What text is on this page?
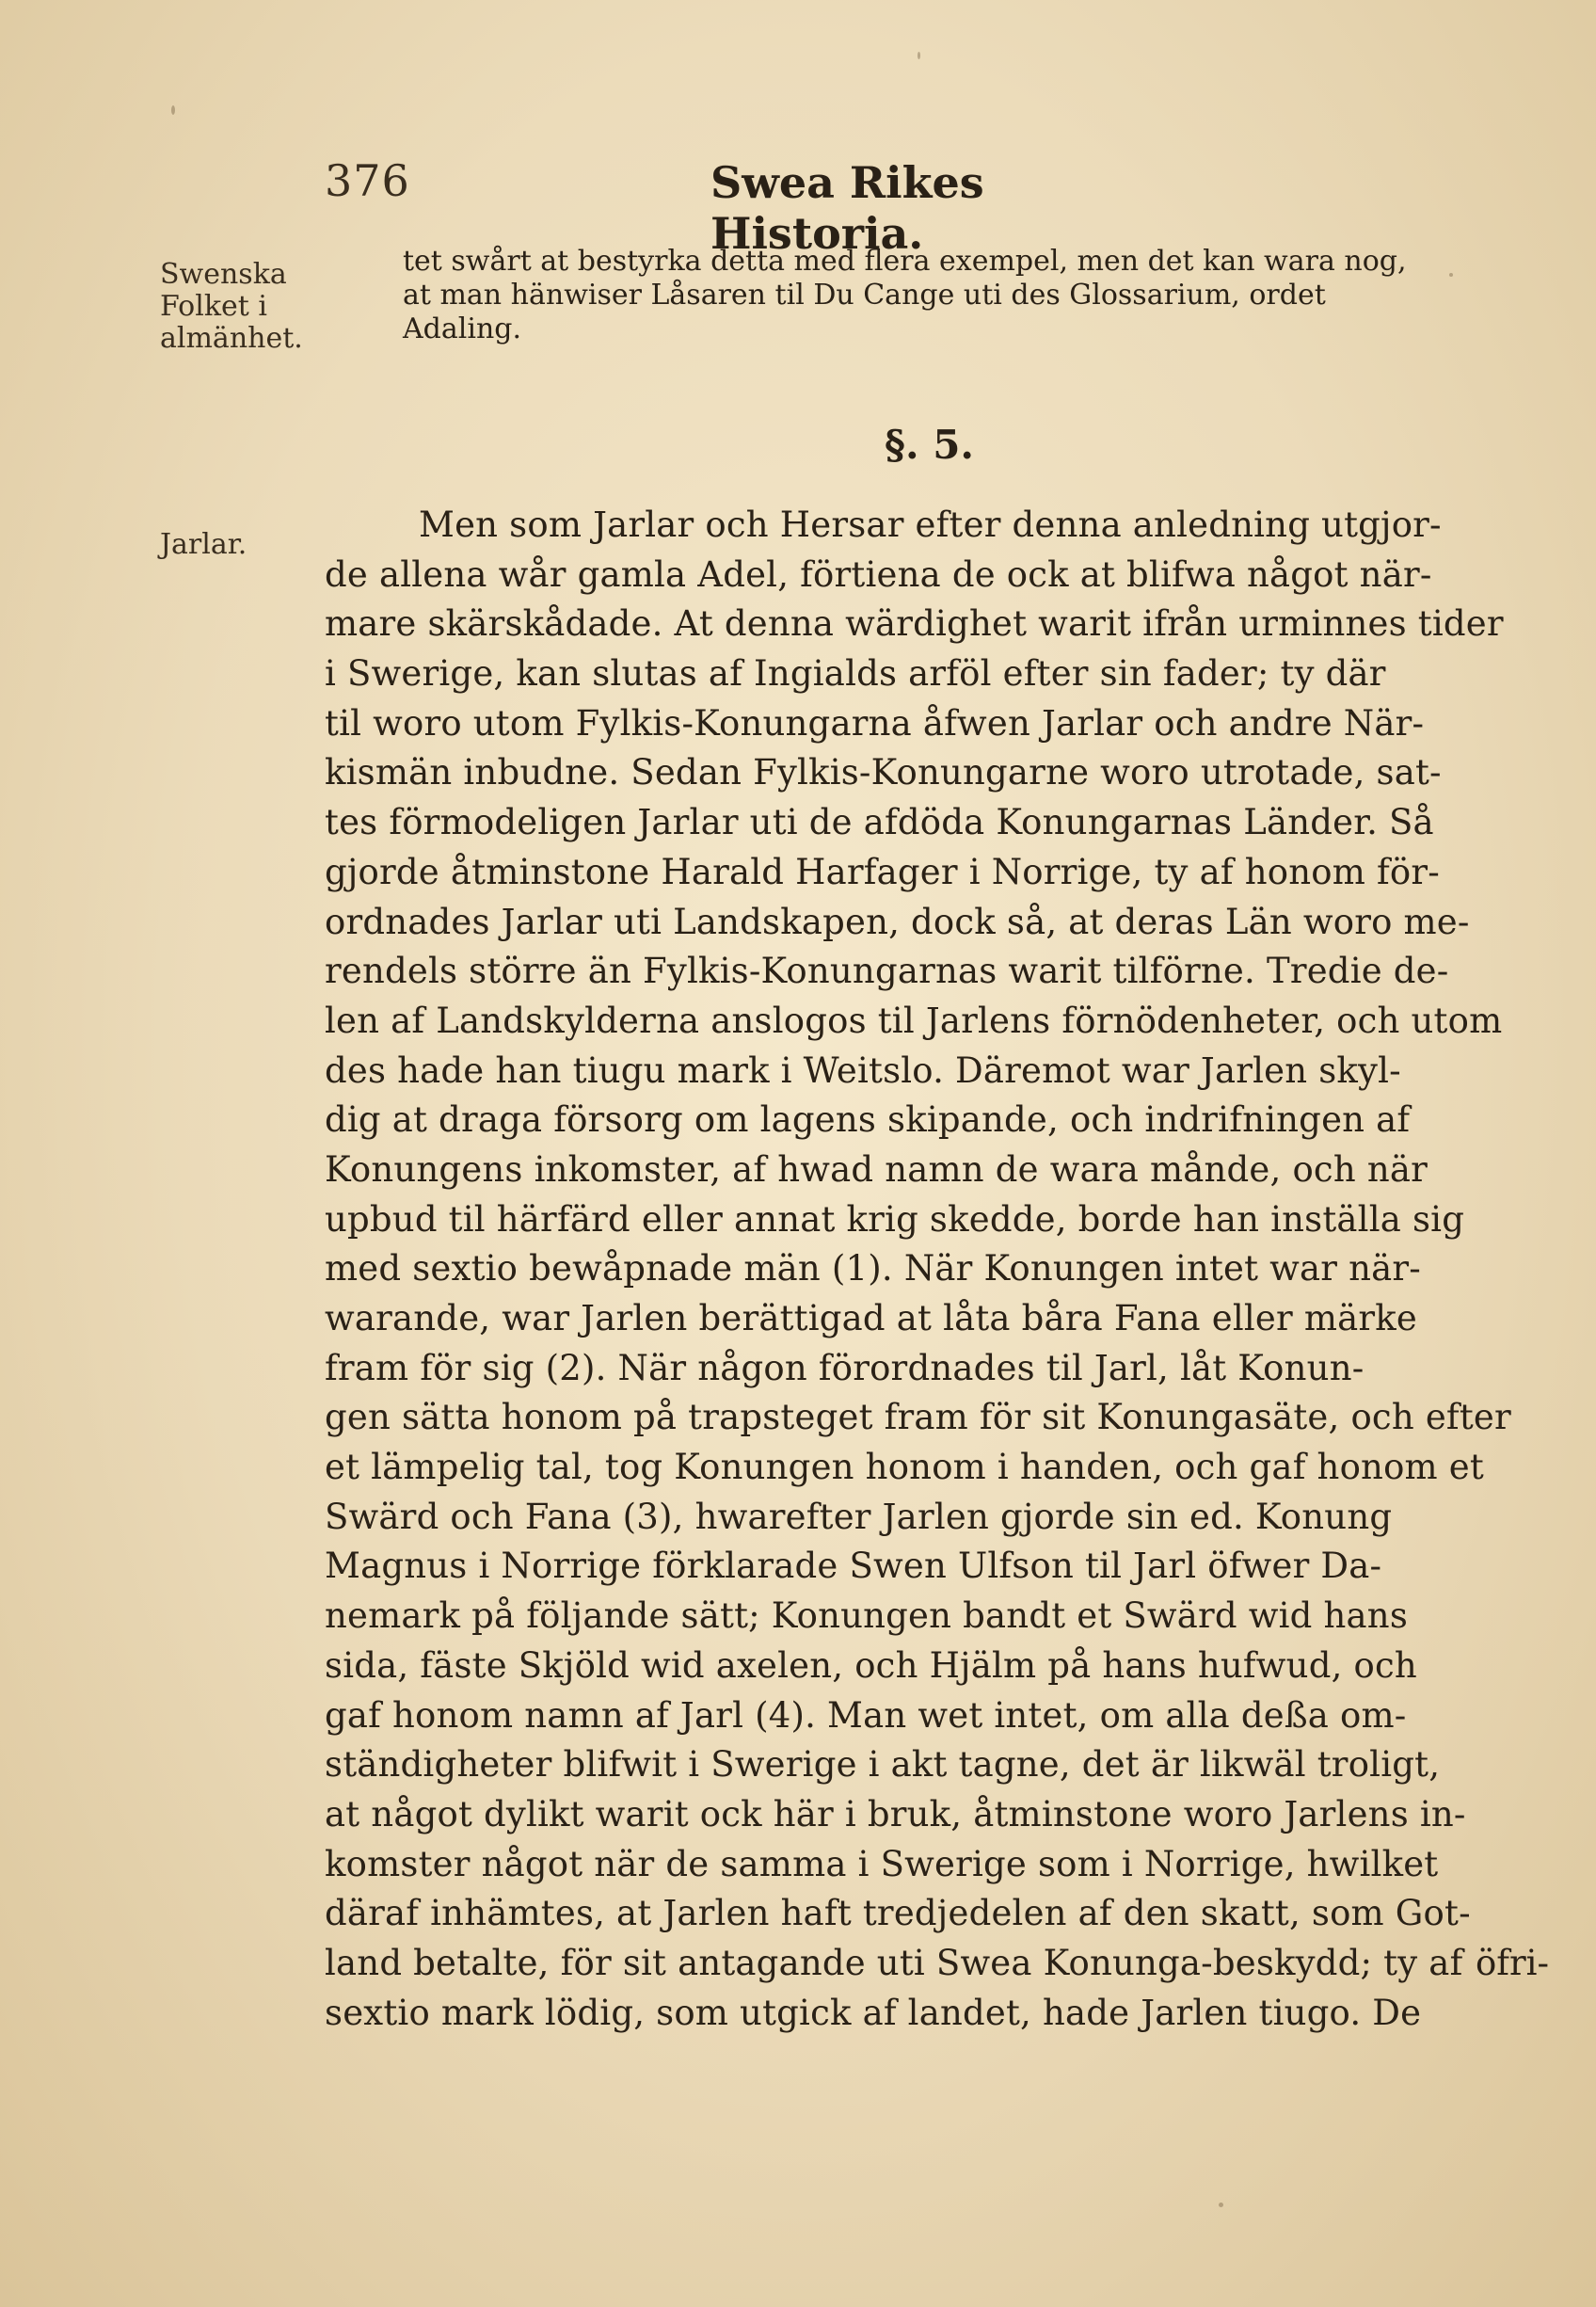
376	Swea Rikes Historia.
Swenska
Folket i
almänhet.
tet swårt at bestyrka detta med flera exempel, men det kan wara nog,
at man hänwiser Låsaren til Du Cange uti des Glossarium, ordet
Adaling.
§. 5.
Jarlar.	Men som Jarlar och Hersar efter denna anledning utgjor-
de allena wår gamla Adel, förtiena de ock at blifwa något när-
mare skärskådade. At denna wärdighet warit ifrån urminnes tider
i Swerige, kan slutas af Ingialds arföl efter sin fader; ty där
til woro utom Fylkis-Konungarna åfwen Jarlar och andre När-
kismän inbudne. Sedan Fylkis-Konungarne woro utrotade, sat-
tes förmodeligen Jarlar uti de afdöda Konungarnas Länder. Så
gjorde åtminstone Harald Harfager i Norrige, ty af honom för-
ordnades Jarlar uti Landskapen, dock så, at deras Län woro me-
rendels större än Fylkis-Konungarnas warit tilförne. Tredie de-
len af Landskylderna anslogos til Jarlens förnödenheter, och utom
des hade han tiugu mark i Weitslo. Däremot war Jarlen skyl-
dig at draga försorg om lagens skipande, och indrifningen af
Konungens inkomster, af hwad namn de wara månde, och när
upbud til härfärd eller annat krig skedde, borde han inställa sig
med sextio bewåpnade män (1). När Konungen intet war när-
warande, war Jarlen berättigad at låta båra Fana eller märke
fram för sig (2). När någon förordnades til Jarl, låt Konun-
gen sätta honom på trapsteget fram för sit Konungasäte, och efter
et lämpelig tal, tog Konungen honom i handen, och gaf honom et
Swärd och Fana (3), hwarefter Jarlen gjorde sin ed. Konung
Magnus i Norrige förklarade Swen Ulfson til Jarl öfwer Da-
nemark på följande sätt; Konungen bandt et Swärd wid hans
sida, fäste Skjöld wid axelen, och Hjälm på hans hufwud, och
gaf honom namn af Jarl (4). Man wet intet, om alla deßa om-
ständigheter blifwit i Swerige i akt tagne, det är likwäl troligt,
at något dylikt warit ock här i bruk, åtminstone woro Jarlens in-
komster något när de samma i Swerige som i Norrige, hwilket
däraf inhämtes, at Jarlen haft tredjedelen af den skatt, som Got-
land betalte, för sit antagande uti Swea Konunga-beskydd; ty af
sextio mark lödig, som utgick af landet, hade Jarlen tiugo. De
öfri-
